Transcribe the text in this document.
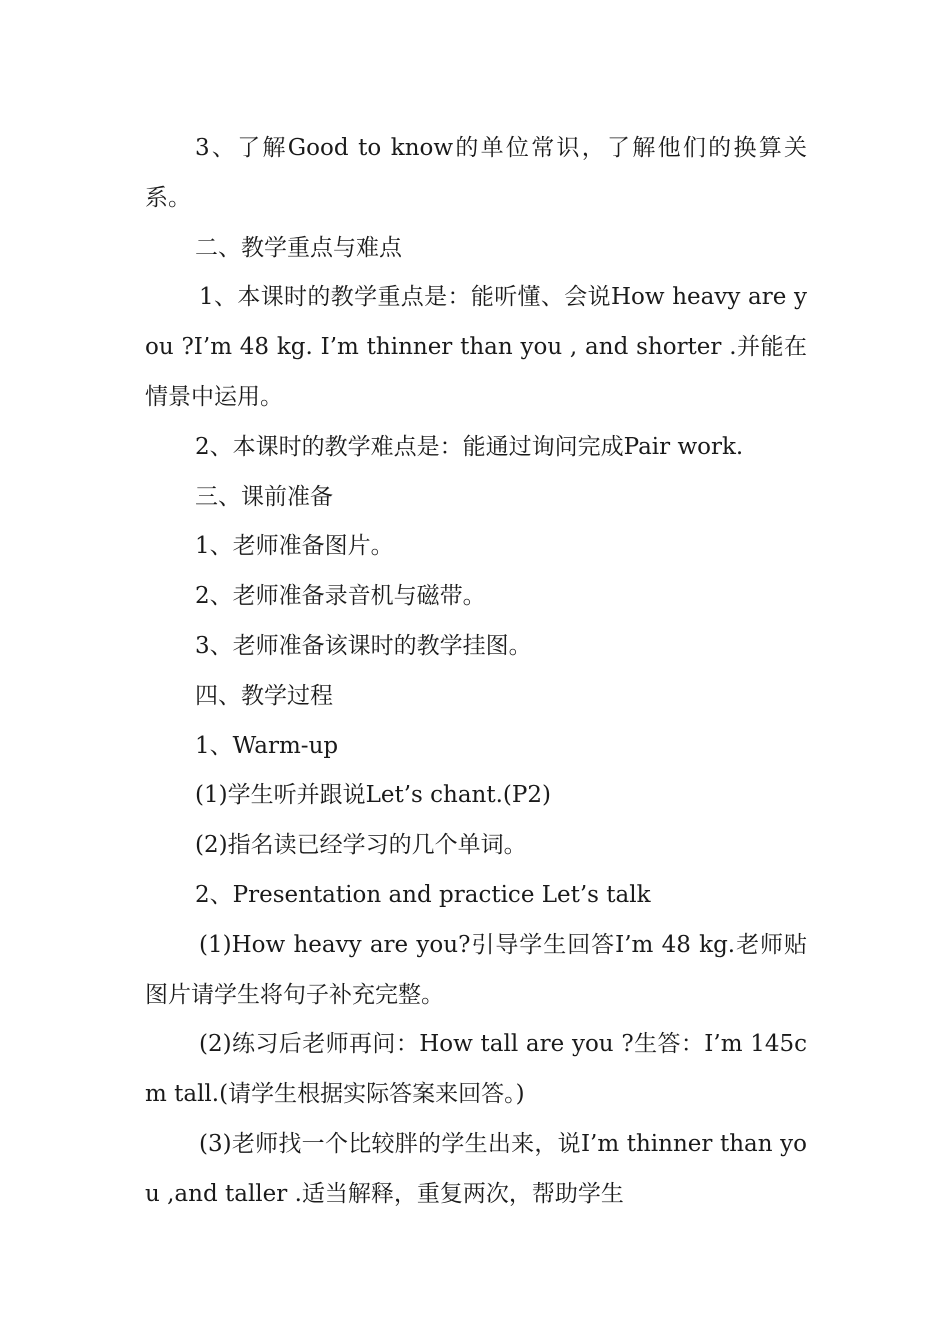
3、了解Good to know的单位常识，了解他们的换算关系。

二、教学重点与难点

1、本课时的教学重点是：能听懂、会说How heavy are you ?I’m 48 kg. I’m thinner than you , and shorter .并能在情景中运用。

2、本课时的教学难点是：能通过询问完成Pair work.

三、课前准备

1、老师准备图片。

2、老师准备录音机与磁带。

3、老师准备该课时的教学挂图。

四、教学过程

1、Warm-up

(1)学生听并跟说Let’s chant.(P2)

(2)指名读已经学习的几个单词。

2、Presentation and practice Let’s talk

(1)How heavy are you?引导学生回答I’m 48 kg.老师贴图片请学生将句子补充完整。

(2)练习后老师再问：How tall are you ?生答：I’m 145cm tall.(请学生根据实际答案来回答。)

(3)老师找一个比较胖的学生出来，说I’m thinner than you ,and taller .适当解释，重复两次，帮助学生
